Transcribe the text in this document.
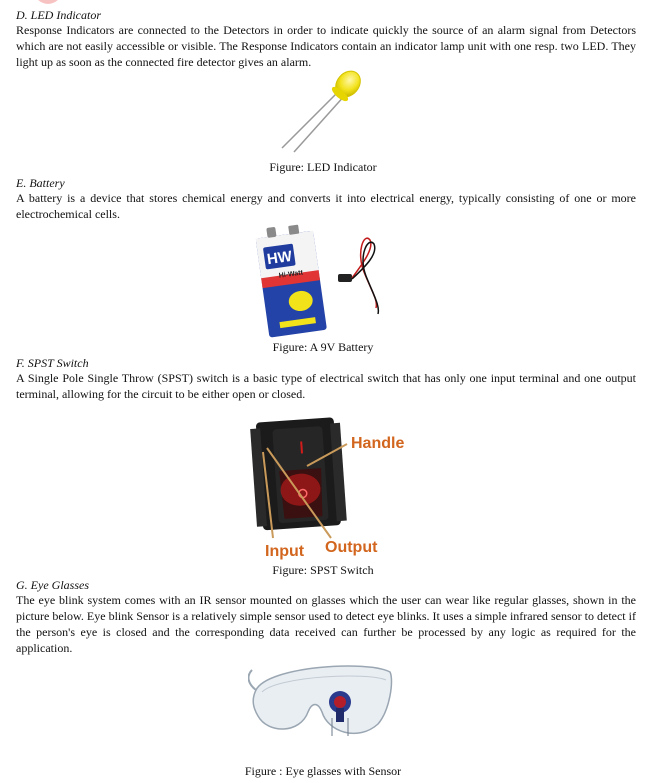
D. LED Indicator

Response Indicators are connected to the Detectors in order to indicate quickly the source of an alarm signal from Detectors which are not easily accessible or visible. The Response Indicators contain an indicator lamp unit with one resp. two LED. They light up as soon as the connected fire detector gives an alarm.

Figure: LED Indicator
E. Battery

A battery is a device that stores chemical energy and converts it into electrical energy, typically consisting of one or more electrochemical cells.

HW
Hi-Watt
Figure: A 9V Battery
F. SPST Switch

A Single Pole Single Throw (SPST) switch is a basic type of electrical switch that has only one input terminal and one output terminal, allowing for the circuit to be either open or closed.

Handle
Input Output
Figure: SPST Switch
G. Eye Glasses

The eye blink system comes with an IR sensor mounted on glasses which the user can wear like regular glasses, shown in the picture below. Eye blink Sensor is a relatively simple sensor used to detect eye blinks. It uses a simple infrared sensor to detect if the person's eye is closed and the corresponding data received can further be processed by any logic as required for the application.

Figure : Eye glasses with Sensor
